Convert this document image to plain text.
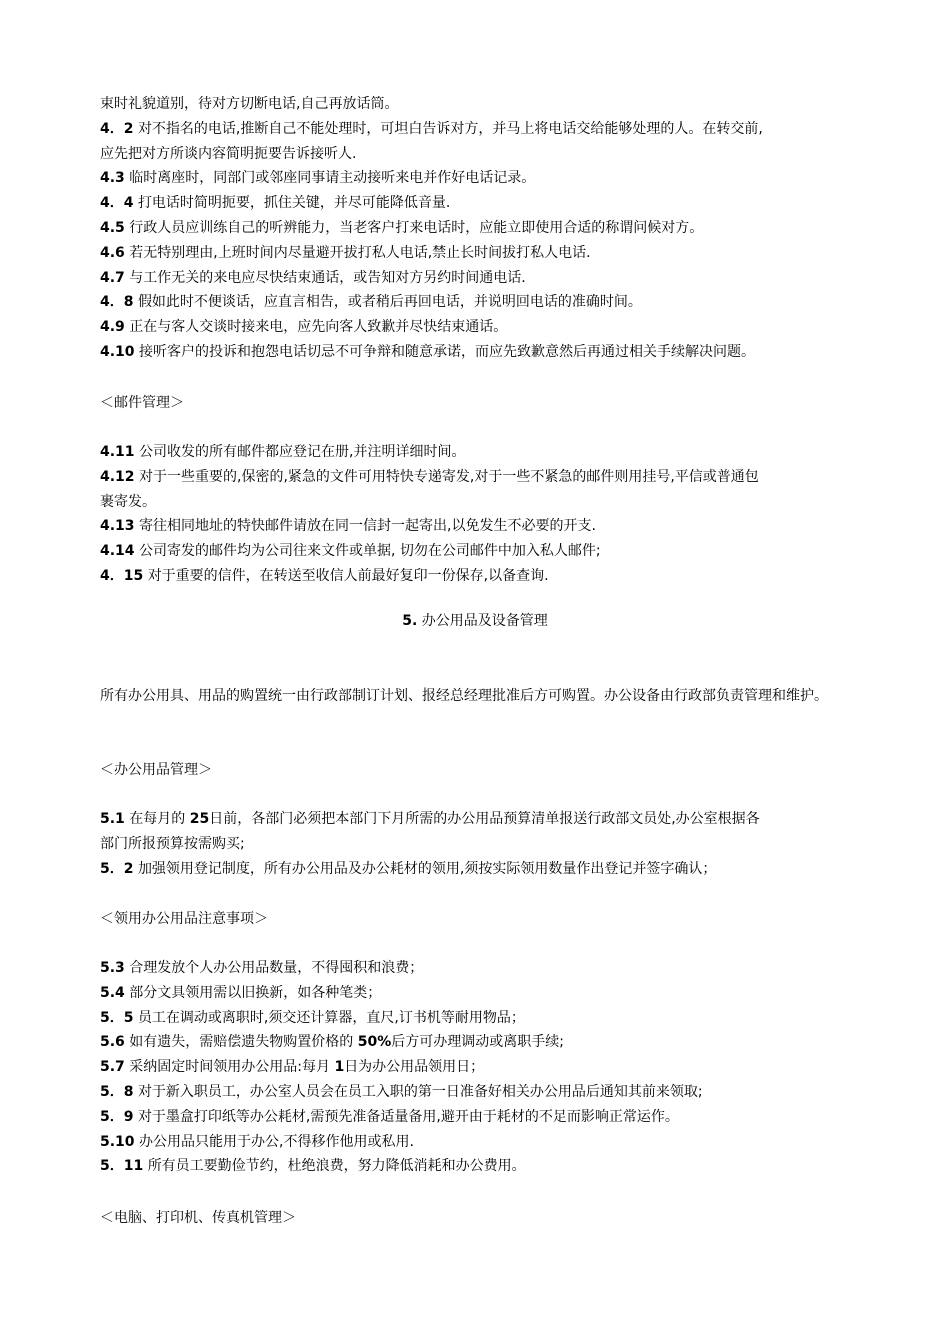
束时礼貌道别，待对方切断电话,自己再放话筒。
4．2 对不指名的电话,推断自己不能处理时，可坦白告诉对方，并马上将电话交给能够处理的人。在转交前,
应先把对方所谈内容简明扼要告诉接听人.
4.3 临时离座时，同部门或邻座同事请主动接听来电并作好电话记录。
4．4 打电话时简明扼要，抓住关键，并尽可能降低音量.
4.5 行政人员应训练自己的听辨能力，当老客户打来电话时，应能立即使用合适的称谓问候对方。
4.6 若无特别理由,上班时间内尽量避开拔打私人电话,禁止长时间拔打私人电话.
4.7 与工作无关的来电应尽快结束通话，或告知对方另约时间通电话.
4．8 假如此时不便谈话，应直言相告，或者稍后再回电话，并说明回电话的准确时间。
4.9 正在与客人交谈时接来电，应先向客人致歉并尽快结束通话。
4.10 接听客户的投诉和抱怨电话切忌不可争辩和随意承诺，而应先致歉意然后再通过相关手续解决问题。
＜邮件管理＞
4.11 公司收发的所有邮件都应登记在册,并注明详细时间。
4.12 对于一些重要的,保密的,紧急的文件可用特快专递寄发,对于一些不紧急的邮件则用挂号,平信或普通包
裹寄发。
4.13 寄往相同地址的特快邮件请放在同一信封一起寄出,以免发生不必要的开支.
4.14 公司寄发的邮件均为公司往来文件或单据, 切勿在公司邮件中加入私人邮件;
4．15 对于重要的信件，在转送至收信人前最好复印一份保存,以备查询.
5. 办公用品及设备管理
所有办公用具、用品的购置统一由行政部制订计划、报经总经理批准后方可购置。办公设备由行政部负责管理和维护。
＜办公用品管理＞
5.1 在每月的 25日前，各部门必须把本部门下月所需的办公用品预算清单报送行政部文员处,办公室根据各
部门所报预算按需购买;
5．2 加强领用登记制度，所有办公用品及办公耗材的领用,须按实际领用数量作出登记并签字确认；
＜领用办公用品注意事项＞
5.3 合理发放个人办公用品数量，不得囤积和浪费；
5.4 部分文具领用需以旧换新，如各种笔类；
5．5 员工在调动或离职时,须交还计算器，直尺,订书机等耐用物品；
5.6 如有遗失，需赔偿遗失物购置价格的 50%后方可办理调动或离职手续;
5.7 采纳固定时间领用办公用品:每月 1日为办公用品领用日；
5．8 对于新入职员工，办公室人员会在员工入职的第一日准备好相关办公用品后通知其前来领取;
5．9 对于墨盒打印纸等办公耗材,需预先准备适量备用,避开由于耗材的不足而影响正常运作。
5.10 办公用品只能用于办公,不得移作他用或私用.
5．11 所有员工要勤俭节约，杜绝浪费，努力降低消耗和办公费用。
＜电脑、打印机、传真机管理＞
